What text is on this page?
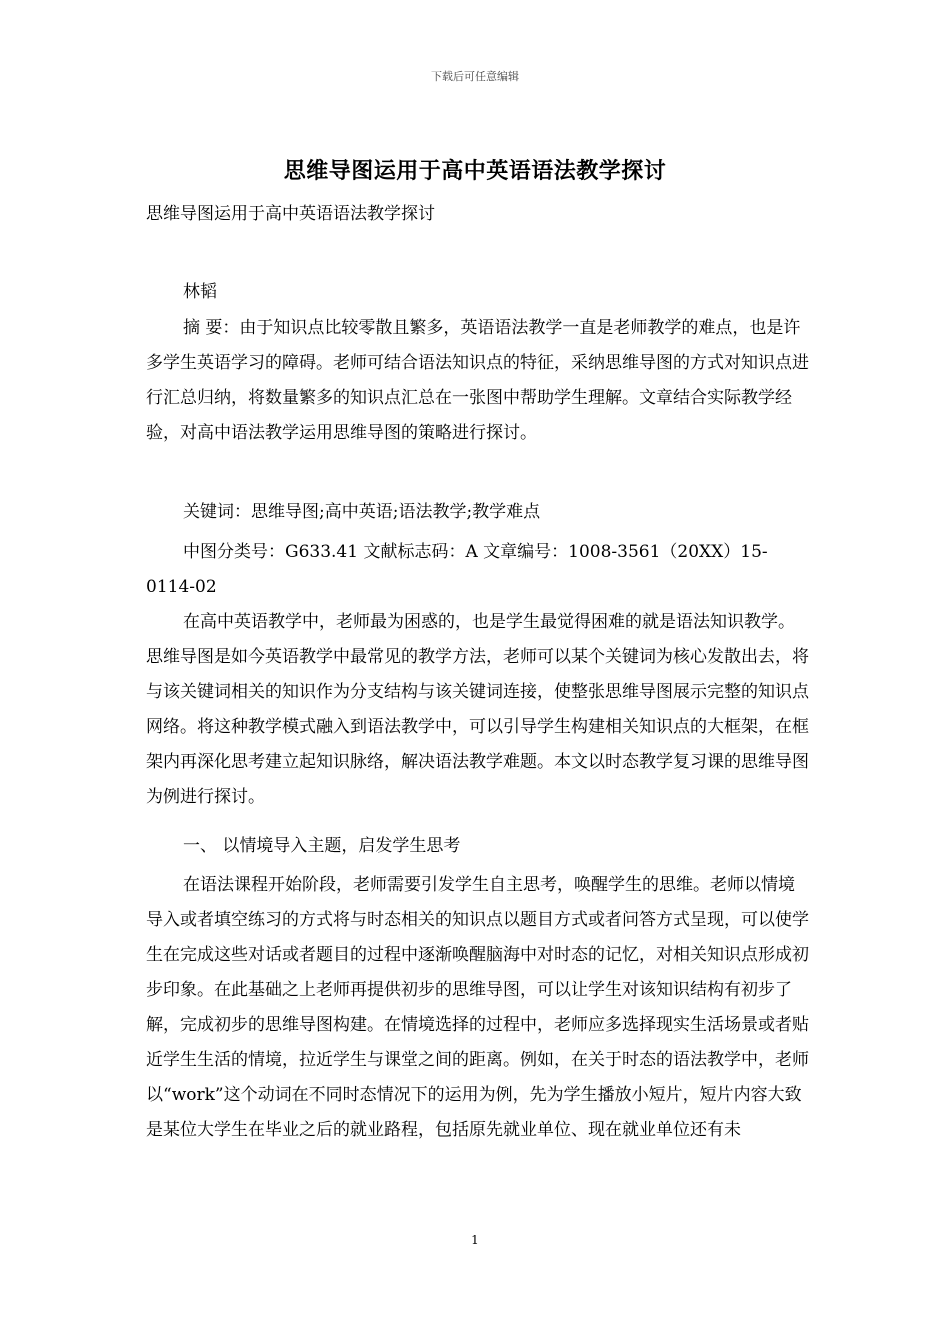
下载后可任意编辑
思维导图运用于高中英语语法教学探讨
思维导图运用于高中英语语法教学探讨
林韬
摘 要：由于知识点比较零散且繁多，英语语法教学一直是老师教学的难点，也是许多学生英语学习的障碍。老师可结合语法知识点的特征，采纳思维导图的方式对知识点进行汇总归纳，将数量繁多的知识点汇总在一张图中帮助学生理解。文章结合实际教学经验，对高中语法教学运用思维导图的策略进行探讨。
关键词：思维导图;高中英语;语法教学;教学难点
中图分类号：G633.41 文献标志码：A 文章编号：1008-3561（20XX）15-0114-02
在高中英语教学中，老师最为困惑的，也是学生最觉得困难的就是语法知识教学。思维导图是如今英语教学中最常见的教学方法，老师可以某个关键词为核心发散出去，将与该关键词相关的知识作为分支结构与该关键词连接，使整张思维导图展示完整的知识点网络。将这种教学模式融入到语法教学中，可以引导学生构建相关知识点的大框架，在框架内再深化思考建立起知识脉络，解决语法教学难题。本文以时态教学复习课的思维导图为例进行探讨。
一、 以情境导入主题，启发学生思考
在语法课程开始阶段，老师需要引发学生自主思考，唤醒学生的思维。老师以情境导入或者填空练习的方式将与时态相关的知识点以题目方式或者问答方式呈现，可以使学生在完成这些对话或者题目的过程中逐渐唤醒脑海中对时态的记忆，对相关知识点形成初步印象。在此基础之上老师再提供初步的思维导图，可以让学生对该知识结构有初步了解，完成初步的思维导图构建。在情境选择的过程中，老师应多选择现实生活场景或者贴近学生生活的情境，拉近学生与课堂之间的距离。例如，在关于时态的语法教学中，老师以“work”这个动词在不同时态情况下的运用为例，先为学生播放小短片，短片内容大致是某位大学生在毕业之后的就业路程，包括原先就业单位、现在就业单位还有未
1
